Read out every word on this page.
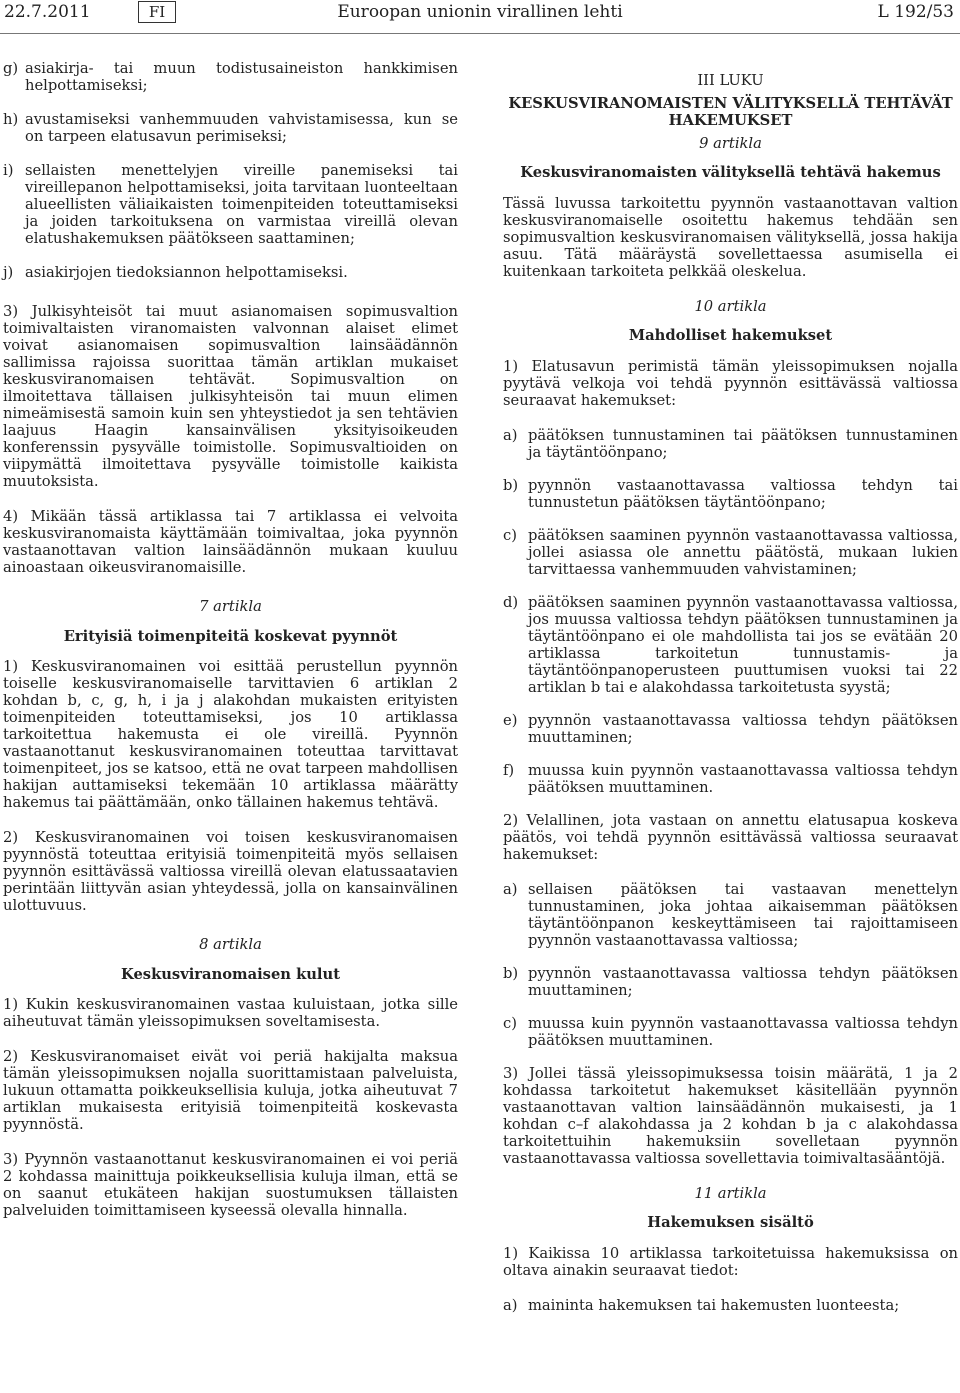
22.7.2011	FI	Euroopan unionin virallinen lehti	L 192/53
g) asiakirja- tai muun todistusaineiston hankkimisen helpottamiseksi;
h) avustamiseksi vanhemmuuden vahvistamisessa, kun se on tarpeen elatusavun perimiseksi;
i) sellaisten menettelyjen vireille panemiseksi tai vireillepanon helpottamiseksi, joita tarvitaan luonteeltaan alueellisten väliaikaisten toimenpiteiden toteuttamiseksi ja joiden tarkoituksena on varmistaa vireillä olevan elatushakemuksen päätökseen saattaminen;
j) asiakirjojen tiedoksiannon helpottamiseksi.

3) Julkisyhteisöt tai muut asianomaisen sopimusvaltion toimivaltaisten viranomaisten valvonnan alaiset elimet voivat asianomaisen sopimusvaltion lainsäädännön sallimissa rajoissa suorittaa tämän artiklan mukaiset keskusviranomaisen tehtävät. Sopimusvaltion on ilmoitettava tällaisen julkisyhteisön tai muun elimen nimeämisestä samoin kuin sen yhteystiedot ja sen tehtävien laajuus Haagin kansainvälisen yksityisoikeuden konferenssin pysyvälle toimistolle. Sopimusvaltioiden on viipymättä ilmoitettava pysyvälle toimistolle kaikista muutoksista.

4) Mikään tässä artiklassa tai 7 artiklassa ei velvoita keskusviranomaista käyttämään toimivaltaa, joka pyynnön vastaanottavan valtion lainsäädännön mukaan kuuluu ainoastaan oikeusviranomaisille.

7 artikla
Erityisiä toimenpiteitä koskevat pyynnöt

1) Keskusviranomainen voi esittää perustellun pyynnön toiselle keskusviranomaiselle tarvittavien 6 artiklan 2 kohdan b, c, g, h, i ja j alakohdan mukaisten erityisten toimenpiteiden toteuttamiseksi, jos 10 artiklassa tarkoitettua hakemusta ei ole vireillä. Pyynnön vastaanottanut keskusviranomainen toteuttaa tarvittavat toimenpiteet, jos se katsoo, että ne ovat tarpeen mahdollisen hakijan auttamiseksi tekemään 10 artiklassa määrätty hakemus tai päättämään, onko tällainen hakemus tehtävä.

2) Keskusviranomainen voi toisen keskusviranomaisen pyynnöstä toteuttaa erityisiä toimenpiteitä myös sellaisen pyynnön esittävässä valtiossa vireillä olevan elatussaatavien perintään liittyvän asian yhteydessä, jolla on kansainvälinen ulottuvuus.

8 artikla
Keskusviranomaisen kulut

1) Kukin keskusviranomainen vastaa kuluistaan, jotka sille aiheutuvat tämän yleissopimuksen soveltamisesta.

2) Keskusviranomaiset eivät voi periä hakijalta maksua tämän yleissopimuksen nojalla suorittamistaan palveluista, lukuun ottamatta poikkeuksellisia kuluja, jotka aiheutuvat 7 artiklan mukaisesta erityisiä toimenpiteitä koskevasta pyynnöstä.

3) Pyynnön vastaanottanut keskusviranomainen ei voi periä 2 kohdassa mainittuja poikkeuksellisia kuluja ilman, että se on saanut etukäteen hakijan suostumuksen tällaisten palveluiden toimittamiseen kyseessä olevalla hinnalla.

III LUKU
KESKUSVIRANOMAISTEN VÄLITYKSELLÄ TEHTÄVÄT HAKEMUKSET
9 artikla
Keskusviranomaisten välityksellä tehtävä hakemus

Tässä luvussa tarkoitettu pyynnön vastaanottavan valtion keskusviranomaiselle osoitettu hakemus tehdään sen sopimusvaltion keskusviranomaisen välityksellä, jossa hakija asuu. Tätä määräystä sovellettaessa asumisella ei kuitenkaan tarkoiteta pelkkää oleskelua.

10 artikla
Mahdolliset hakemukset

1) Elatusavun perimistä tämän yleissopimuksen nojalla pyytävä velkoja voi tehdä pyynnön esittävässä valtiossa seuraavat hakemukset:

a) päätöksen tunnustaminen tai päätöksen tunnustaminen ja täytäntöönpano;
b) pyynnön vastaanottavassa valtiossa tehdyn tai tunnustetun päätöksen täytäntöönpano;
c) päätöksen saaminen pyynnön vastaanottavassa valtiossa, jollei asiassa ole annettu päätöstä, mukaan lukien tarvittaessa vanhemmuuden vahvistaminen;
d) päätöksen saaminen pyynnön vastaanottavassa valtiossa, jos muussa valtiossa tehdyn päätöksen tunnustaminen ja täytäntöönpano ei ole mahdollista tai jos se evätään 20 artiklassa tarkoitetun tunnustamis- ja täytäntöönpanoperusteen puuttumisen vuoksi tai 22 artiklan b tai e alakohdassa tarkoitetusta syystä;
e) pyynnön vastaanottavassa valtiossa tehdyn päätöksen muuttaminen;
f) muussa kuin pyynnön vastaanottavassa valtiossa tehdyn päätöksen muuttaminen.

2) Velallinen, jota vastaan on annettu elatusapua koskeva päätös, voi tehdä pyynnön esittävässä valtiossa seuraavat hakemukset:

a) sellaisen päätöksen tai vastaavan menettelyn tunnustaminen, joka johtaa aikaisemman päätöksen täytäntöönpanon keskeyttämiseen tai rajoittamiseen pyynnön vastaanottavassa valtiossa;
b) pyynnön vastaanottavassa valtiossa tehdyn päätöksen muuttaminen;
c) muussa kuin pyynnön vastaanottavassa valtiossa tehdyn päätöksen muuttaminen.

3) Jollei tässä yleissopimuksessa toisin määrätä, 1 ja 2 kohdassa tarkoitetut hakemukset käsitellään pyynnön vastaanottavan valtion lainsäädännön mukaisesti, ja 1 kohdan c–f alakohdassa ja 2 kohdan b ja c alakohdassa tarkoitettuihin hakemuksiin sovelletaan pyynnön vastaanottavassa valtiossa sovellettavia toimivaltasääntöjä.

11 artikla
Hakemuksen sisältö

1) Kaikissa 10 artiklassa tarkoitetuissa hakemuksissa on oltava ainakin seuraavat tiedot:

a) maininta hakemuksen tai hakemusten luonteesta;
